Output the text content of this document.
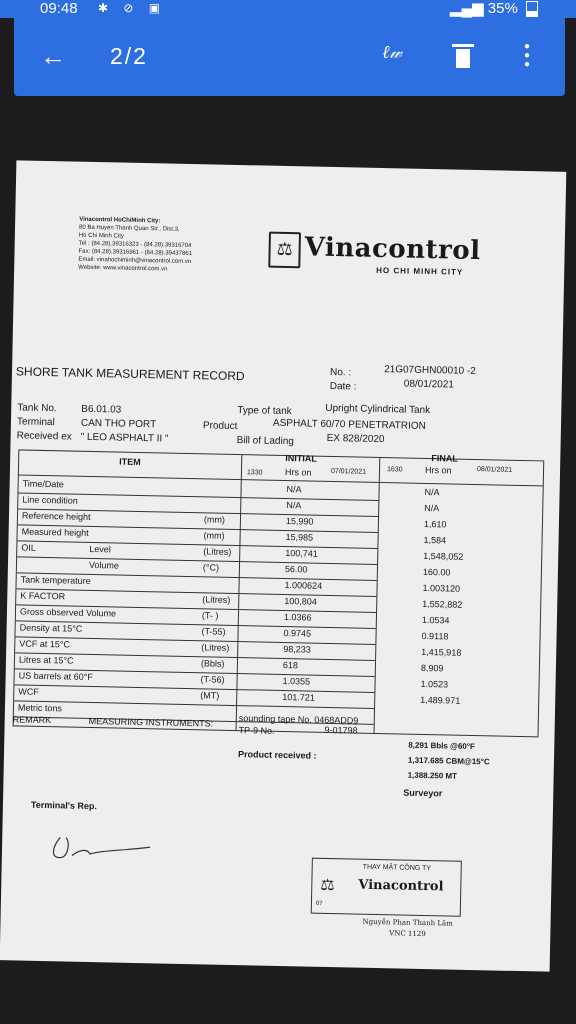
09:48 ✱ ⊘ ▣	▂▄▆ 35%
← 2/2	ℓ𝓌	●
●
●
Vinacontrol HoChiMinh City:
80 Ba Huyen Thanh Quan Str., Dist.3,
Ho Chi Minh City
Tel : (84.28).39316323 - (84.28).39316704
Fax: (84.28).39316961 - (84.28).39437861
Email: vinahochiminh@vinacontrol.com.vn
Website: www.vinacontrol.com.vn
⚖ Vinacontrol
HO CHI MINH CITY
SHORE TANK MEASUREMENT RECORD	No. :	21G07GHN00010 -2
Date :	08/01/2021
Tank No. B6.01.03
Terminal	CAN THO PORT
Received ex " LEO ASPHALT II "
Type of tank	Upright Cylindrical Tank
Product	ASPHALT 60/70 PENETRATRION
Bill of Lading	EX 828/2020
ITEM	INITIAL	FINAL
1330 Hrs on	07/01/2021	1630 Hrs on	08/01/2021
Time/Date	N/A	N/A
Line condition	N/A	N/A
Reference height	(mm)	15,990	1,610
Measured height	(mm)	15,985	1,584
OIL	Level	(Litres)	100,741	1,548,052
Volume	(°C)	56.00	160.00
Tank temperature	1.000624	1.003120
K FACTOR	(Litres)	100,804	1,552,882
Gross observed Volume	(T- )	1.0366	1.0534
Density at 15°C	(T-55)	0.9745	0.9118
VCF at 15°C	(Litres)	98,233	1,415,918
Litres at 15°C	(Bbls)	618	8,909
US barrels at 60°F	(T-56)	1.0355	1.0523
WCF	(MT)	101.721	1,489.971
Metric tons
REMARK	MEASURING INSTRUMENTS:	sounding tape No. 0468ADD9
TP-9 No.	9-01798
Product received :
8,291 Bbls @60°F
1,317.685 CBM@15°C
1,388.250 MT
Surveyor
Terminal's Rep.
THAY MẶT CÔNG TY
⚖ Vinacontrol
07
Nguyễn Phan Thanh Lâm
VNC 1129
